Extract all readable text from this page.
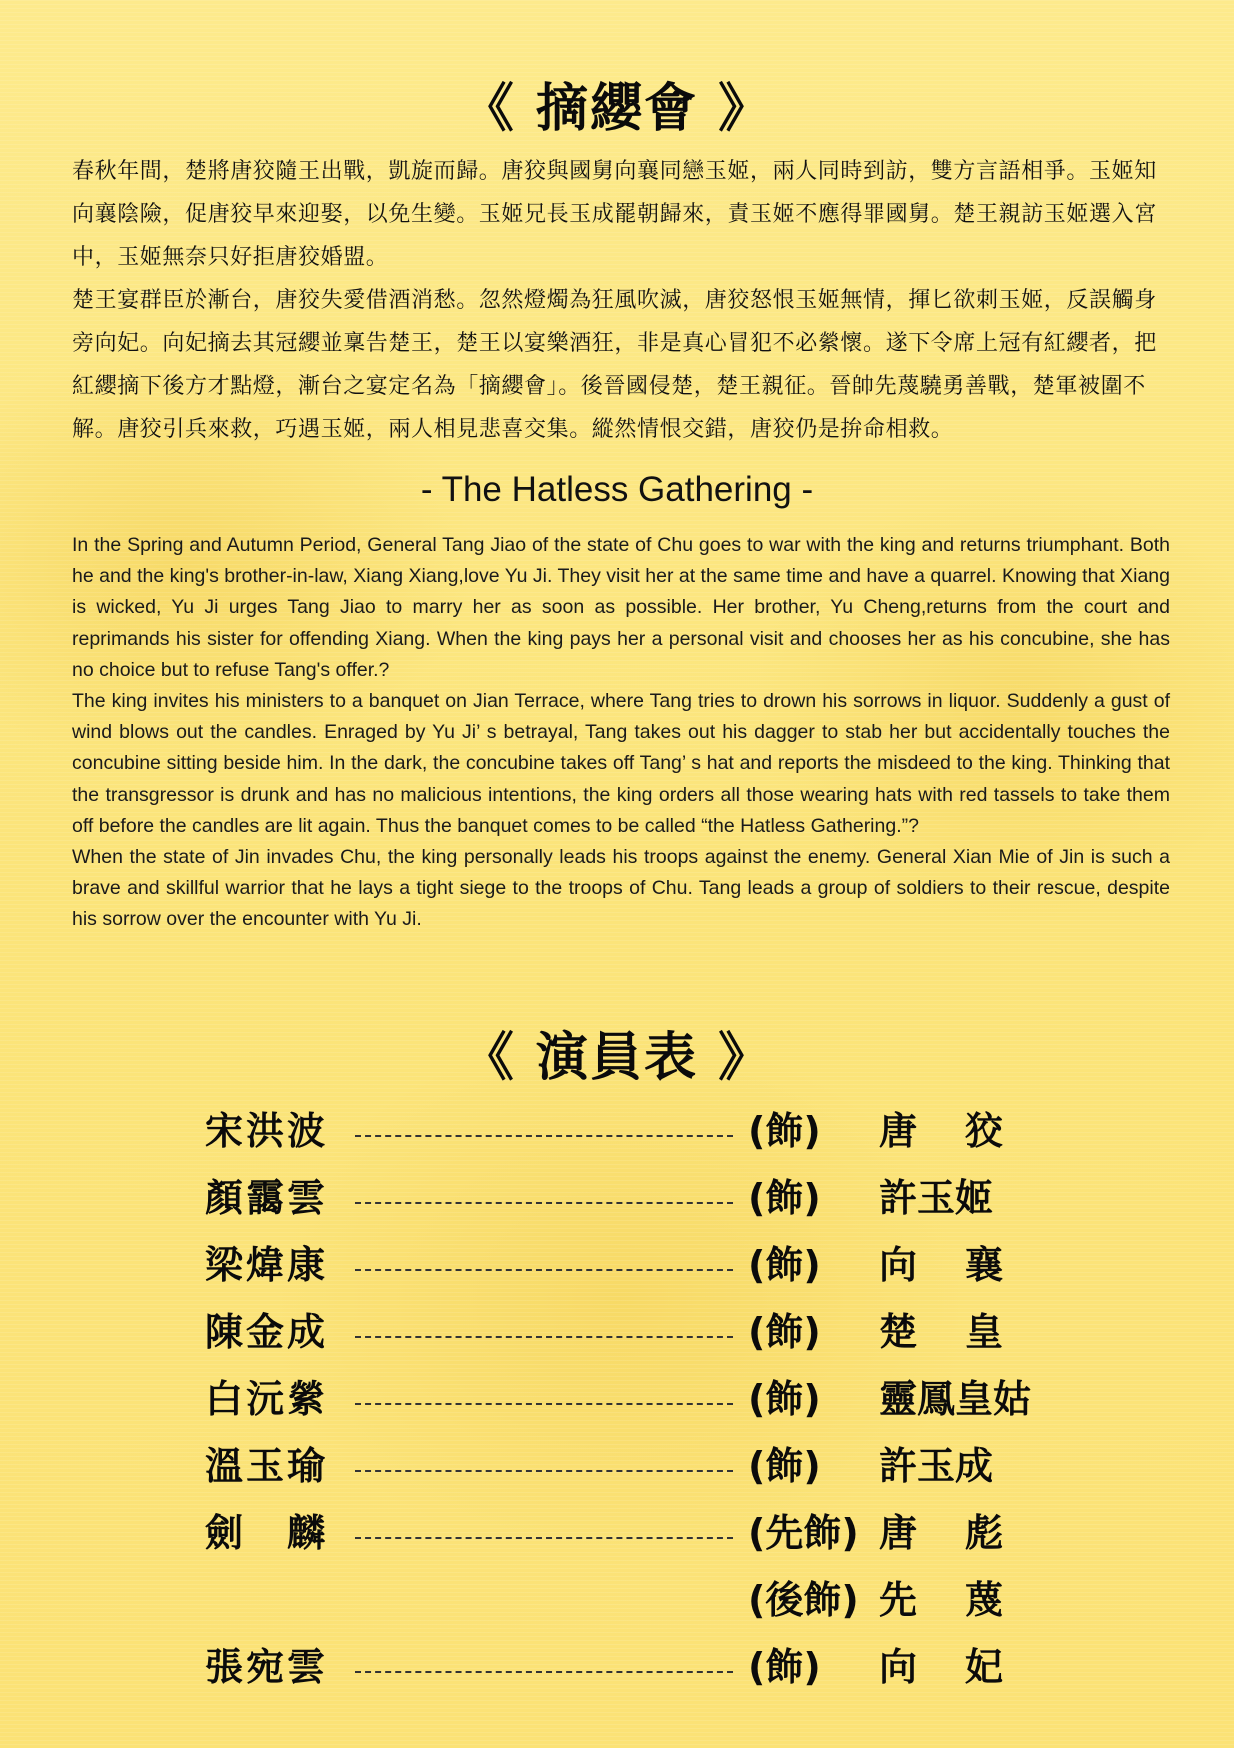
《 摘纓會 》

春秋年間，楚將唐狡隨王出戰，凱旋而歸。唐狡與國舅向襄同戀玉姬，兩人同時到訪，雙方言語相爭。玉姬知向襄陰險，促唐狡早來迎娶，以免生變。玉姬兄長玉成罷朝歸來，責玉姬不應得罪國舅。楚王親訪玉姬選入宮中，玉姬無奈只好拒唐狡婚盟。

楚王宴群臣於漸台，唐狡失愛借酒消愁。忽然燈燭為狂風吹滅，唐狡怒恨玉姬無情，揮匕欲刺玉姬，反誤觸身旁向妃。向妃摘去其冠纓並稟告楚王，楚王以宴樂酒狂，非是真心冒犯不必縈懷。遂下令席上冠有紅纓者，把紅纓摘下後方才點燈，漸台之宴定名為「摘纓會」。後晉國侵楚，楚王親征。晉帥先蔑驍勇善戰，楚軍被圍不解。唐狡引兵來救，巧遇玉姬，兩人相見悲喜交集。縱然情恨交錯，唐狡仍是拚命相救。

- The Hatless Gathering -

In the Spring and Autumn Period, General Tang Jiao of the state of Chu goes to war with the king and returns triumphant. Both he and the king's brother-in-law, Xiang Xiang,love Yu Ji. They visit her at the same time and have a quarrel. Knowing that Xiang is wicked, Yu Ji urges Tang Jiao to marry her as soon as possible. Her brother, Yu Cheng,returns from the court and reprimands his sister for offending Xiang. When the king pays her a personal visit and chooses her as his concubine, she has no choice but to refuse Tang's offer.?

The king invites his ministers to a banquet on Jian Terrace, where Tang tries to drown his sorrows in liquor. Suddenly a gust of wind blows out the candles. Enraged by Yu Ji’ s betrayal, Tang takes out his dagger to stab her but accidentally touches the concubine sitting beside him. In the dark, the concubine takes off Tang’ s hat and reports the misdeed to the king. Thinking that the transgressor is drunk and has no malicious intentions, the king orders all those wearing hats with red tassels to take them off before the candles are lit again. Thus the banquet comes to be called “the Hatless Gathering.”?

When the state of Jin invades Chu, the king personally leads his troops against the enemy. General Xian Mie of Jin is such a brave and skillful warrior that he lays a tight siege to the troops of Chu. Tang leads a group of soldiers to their rescue, despite his sorrow over the encounter with Yu Ji.

《 演員表 》
宋洪波	(飾) 唐狡
顏靄雲	(飾) 許玉姬
梁煒康	(飾) 向襄
陳金成	(飾) 楚皇
白沅縈	(飾) 靈鳳皇姑
溫玉瑜	(飾) 許玉成
劍麟	(先飾) 唐彪
(後飾) 先蔑
張宛雲	(飾) 向妃
